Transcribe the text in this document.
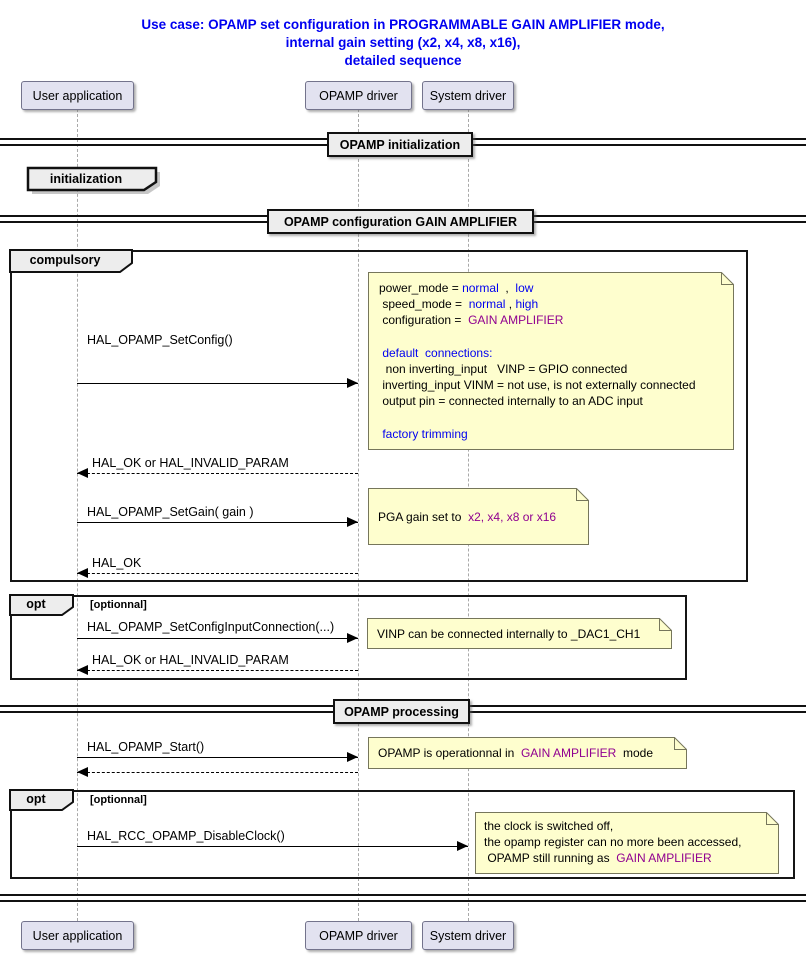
Use case: OPAMP set configuration in PROGRAMMABLE GAIN AMPLIFIER mode,
internal gain setting (x2, x4, x8, x16),
detailed sequence
User application	OPAMP driver	System driver
OPAMP initialization
initialization
OPAMP configuration GAIN AMPLIFIER
compulsory
HAL_OPAMP_SetConfig()
power_mode = normal  ,  low
speed_mode =  normal , high
configuration =  GAIN AMPLIFIER
default  connections:
non inverting_input   VINP = GPIO connected
inverting_input VINM = not use, is not externally connected
output pin = connected internally to an ADC input
factory trimming
HAL_OK or HAL_INVALID_PARAM
HAL_OPAMP_SetGain( gain )	PGA gain set to x2, x4, x8 or x16
HAL_OK
opt	[optionnal]
HAL_OPAMP_SetConfigInputConnection(...)	VINP can be connected internally to _DAC1_CH1
HAL_OK or HAL_INVALID_PARAM
OPAMP processing
HAL_OPAMP_Start()	OPAMP is operationnal in GAIN AMPLIFIER mode
opt	[optionnal]
HAL_RCC_OPAMP_DisableClock()
the clock is switched off,
the opamp register can no more been accessed,
OPAMP still running as  GAIN AMPLIFIER
User application	OPAMP driver	System driver
